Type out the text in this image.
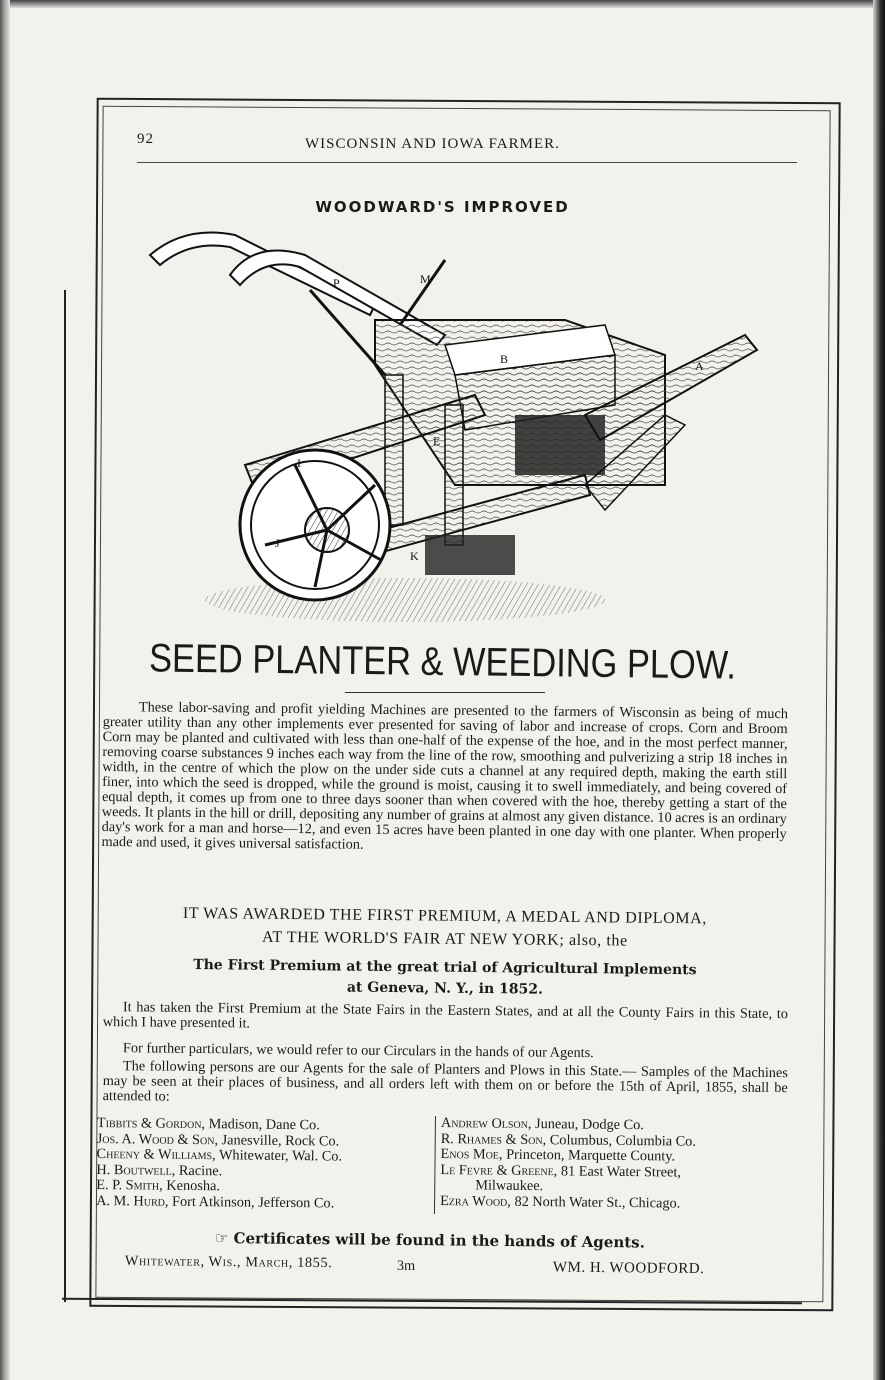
92	WISCONSIN AND IOWA FARMER.
WOODWARD'S IMPROVED
P	M
B	A
I
E
J
K
SEED PLANTER & WEEDING PLOW.

These labor-saving and profit yielding Machines are presented to the farmers of Wisconsin as being of much greater utility than any other implements ever presented for saving of labor and increase of crops. Corn and Broom Corn may be planted and cultivated with less than one-half of the expense of the hoe, and in the most perfect manner, removing coarse substances 9 inches each way from the line of the row, smoothing and pulverizing a strip 18 inches in width, in the centre of which the plow on the under side cuts a channel at any required depth, making the earth still finer, into which the seed is dropped, while the ground is moist, causing it to swell immediately, and being covered of equal depth, it comes up from one to three days sooner than when covered with the hoe, thereby getting a start of the weeds. It plants in the hill or drill, depositing any number of grains at almost any given distance. 10 acres is an ordinary day's work for a man and horse—12, and even 15 acres have been planted in one day with one planter. When properly made and used, it gives universal satisfaction.

IT WAS AWARDED THE FIRST PREMIUM, A MEDAL AND DIPLOMA,
AT THE WORLD'S FAIR AT NEW YORK; also, the
The First Premium at the great trial of Agricultural Implements
at Geneva, N. Y., in 1852.

It has taken the First Premium at the State Fairs in the Eastern States, and at all the County Fairs in this State, to which I have presented it.

For further particulars, we would refer to our Circulars in the hands of our Agents.

The following persons are our Agents for the sale of Planters and Plows in this State.— Samples of the Machines may be seen at their places of business, and all orders left with them on or before the 15th of April, 1855, shall be attended to:

Tibbits & Gordon, Madison, Dane Co.
Jos. A. Wood & Son, Janesville, Rock Co.
Cheeny & Williams, Whitewater, Wal. Co.
H. Boutwell, Racine.
E. P. Smith, Kenosha.
A. M. Hurd, Fort Atkinson, Jefferson Co.
Andrew Olson, Juneau, Dodge Co.
R. Rhames & Son, Columbus, Columbia Co.
Enos Moe, Princeton, Marquette County.
Le Fevre & Greene, 81 East Water Street,
Milwaukee.
Ezra Wood, 82 North Water St., Chicago.
☞ Certificates will be found in the hands of Agents.
Whitewater, Wis., March, 1855.	3m	WM. H. WOODFORD.
